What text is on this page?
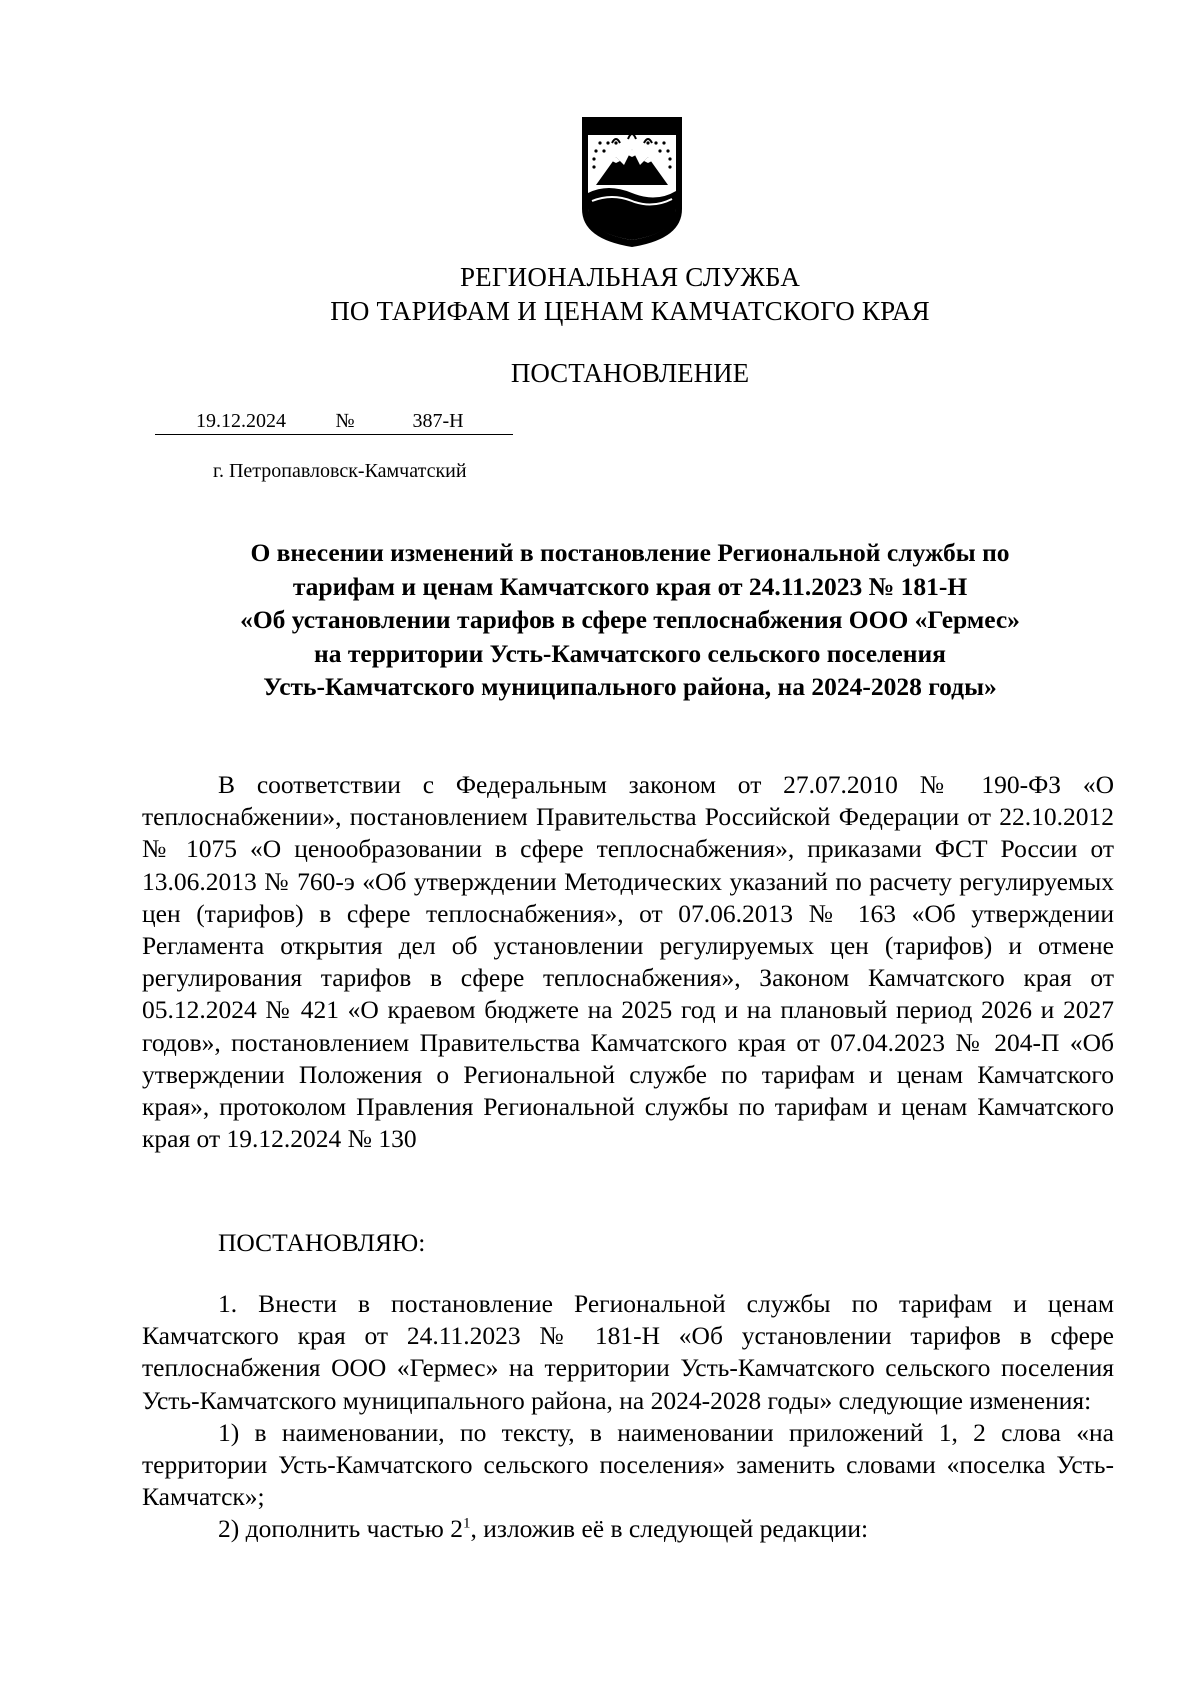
РЕГИОНАЛЬНАЯ СЛУЖБА
ПО ТАРИФАМ И ЦЕНАМ КАМЧАТСКОГО КРАЯ
ПОСТАНОВЛЕНИЕ
19.12.2024	№	387-Н
г. Петропавловск-Камчатский
О внесении изменений в постановление Региональной службы по
тарифам и ценам Камчатского края от 24.11.2023 № 181-Н
«Об установлении тарифов в сфере теплоснабжения ООО «Гермес»
на территории Усть-Камчатского сельского поселения
Усть-Камчатского муниципального района, на 2024-2028 годы»

В соответствии с Федеральным законом от 27.07.2010 № 190-ФЗ «О теплоснабжении», постановлением Правительства Российской Федерации от 22.10.2012 № 1075 «О ценообразовании в сфере теплоснабжения», приказами ФСТ России от 13.06.2013 № 760-э «Об утверждении Методических указаний по расчету регулируемых цен (тарифов) в сфере теплоснабжения», от 07.06.2013 № 163 «Об утверждении Регламента открытия дел об установлении регулируемых цен (тарифов) и отмене регулирования тарифов в сфере теплоснабжения», Законом Камчатского края от 05.12.2024 № 421 «О краевом бюджете на 2025 год и на плановый период 2026 и 2027 годов», постановлением Правительства Камчатского края от 07.04.2023 № 204-П «Об утверждении Положения о Региональной службе по тарифам и ценам Камчатского края», протоколом Правления Региональной службы по тарифам и ценам Камчатского края от 19.12.2024 № 130

ПОСТАНОВЛЯЮ:

1. Внести в постановление Региональной службы по тарифам и ценам Камчатского края от 24.11.2023 № 181-Н «Об установлении тарифов в сфере теплоснабжения ООО «Гермес» на территории Усть-Камчатского сельского поселения Усть-Камчатского муниципального района, на 2024-2028 годы» следующие изменения:

1) в наименовании, по тексту, в наименовании приложений 1, 2 слова «на территории Усть-Камчатского сельского поселения» заменить словами «поселка Усть-Камчатск»;

2) дополнить частью $2^1$, изложив её в следующей редакции:
